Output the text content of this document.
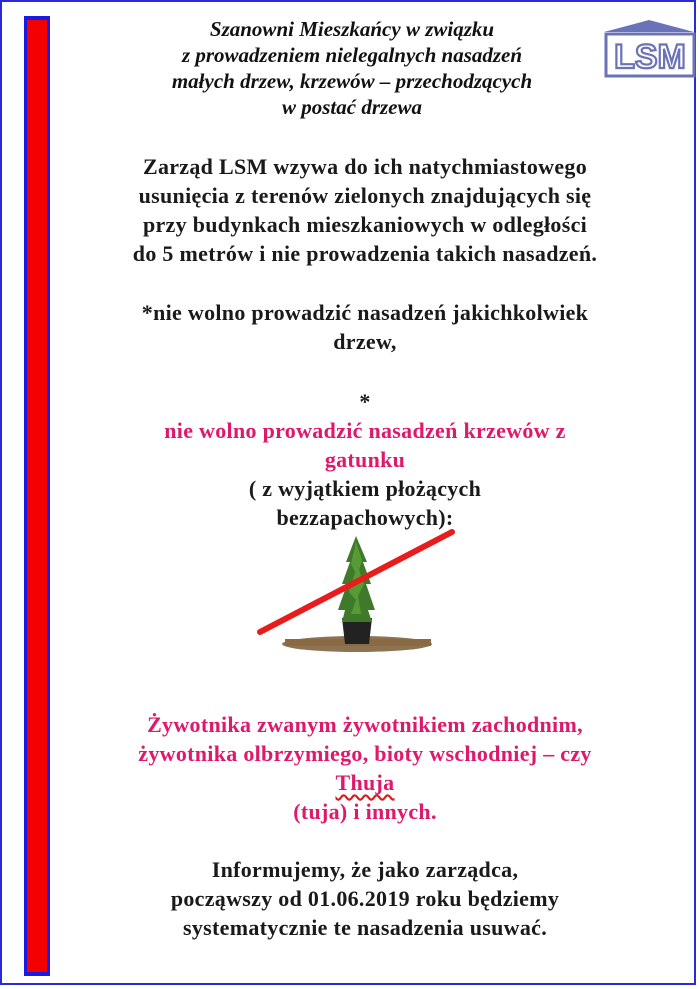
LSM
Szanowni Mieszkańcy w związku
z prowadzeniem nielegalnych nasadzeń
małych drzew, krzewów – przechodzących
w postać drzewa
Zarząd LSM wzywa do ich natychmiastowego
usunięcia z terenów zielonych znajdujących się
przy budynkach mieszkaniowych w odległości
do 5 metrów i nie prowadzenia takich nasadzeń.
*nie wolno prowadzić nasadzeń jakichkolwiek
drzew,
*
nie wolno prowadzić nasadzeń krzewów z
gatunku
( z wyjątkiem płożących
bezzapachowych):
Żywotnika zwanym żywotnikiem zachodnim,
żywotnika olbrzymiego, bioty wschodniej – czy
Thuja
(tuja) i innych.
Informujemy, że jako zarządca,
począwszy od 01.06.2019 roku będziemy
systematycznie te nasadzenia usuwać.
